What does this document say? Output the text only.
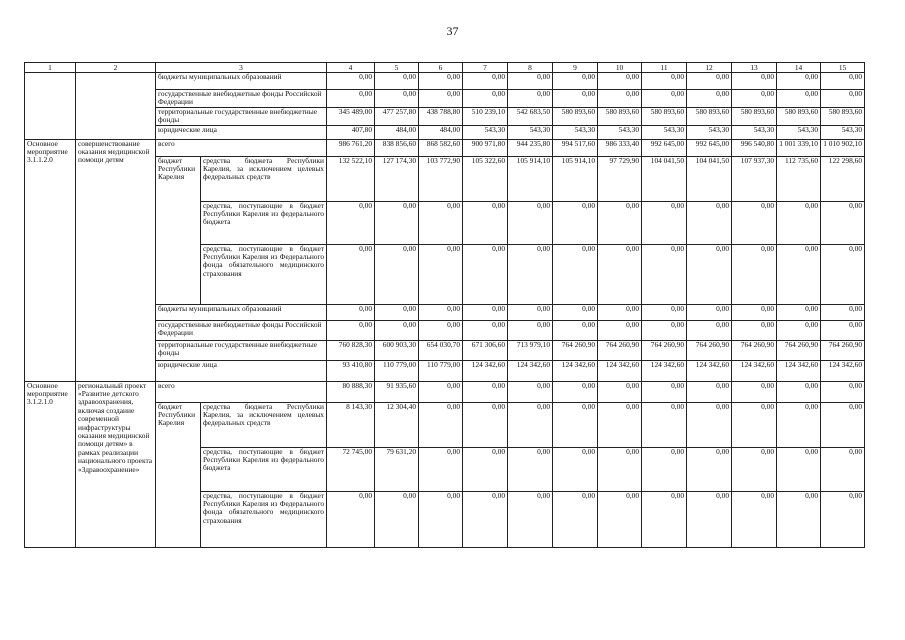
37
1	2	3		4	5	6	7	8	9	10	11	12	13	14	15
		бюджеты муниципальных образований		0,00	0,00	0,00	0,00	0,00	0,00	0,00	0,00	0,00	0,00	0,00	0,00
		государственные внебюджетные фонды Российской Федерации		0,00	0,00	0,00	0,00	0,00	0,00	0,00	0,00	0,00	0,00	0,00	0,00
		территориальные государственные внебюджетные фонды		345 489,00	477 257,80	438 788,80	510 239,10	542 683,50	580 893,60	580 893,60	580 893,60	580 893,60	580 893,60	580 893,60	580 893,60
		юридические лица		407,80	484,00	484,00	543,30	543,30	543,30	543,30	543,30	543,30	543,30	543,30	543,30
Основное мероприятие 3.1.1.2.0	совершенствование оказания медицинской помощи детям	всего		986 761,20	838 856,60	868 582,60	900 971,80	944 235,80	994 517,60	986 333,40	992 645,00	992 645,00	996 540,80	1 001 339,10	1 010 902,10
		бюджет Республики Карелия	средства бюджета Республики Карелия, за исключением целевых федеральных средств	132 522,10	127 174,30	103 772,90	105 322,60	105 914,10	105 914,10	97 729,90	104 041,50	104 041,50	107 937,30	112 735,60	122 298,60
			средства, поступающие в бюджет Республики Карелия из федерального бюджета	0,00	0,00	0,00	0,00	0,00	0,00	0,00	0,00	0,00	0,00	0,00	0,00
			средства, поступающие в бюджет Республики Карелия из Федерального фонда обязательного медицинского страхования	0,00	0,00	0,00	0,00	0,00	0,00	0,00	0,00	0,00	0,00	0,00	0,00
		бюджеты муниципальных образований		0,00	0,00	0,00	0,00	0,00	0,00	0,00	0,00	0,00	0,00	0,00	0,00
		государственные внебюджетные фонды Российской Федерации		0,00	0,00	0,00	0,00	0,00	0,00	0,00	0,00	0,00	0,00	0,00	0,00
		территориальные государственные внебюджетные фонды		760 828,30	600 903,30	654 030,70	671 306,60	713 979,10	764 260,90	764 260,90	764 260,90	764 260,90	764 260,90	764 260,90	764 260,90
		юридические лица		93 410,80	110 779,00	110 779,00	124 342,60	124 342,60	124 342,60	124 342,60	124 342,60	124 342,60	124 342,60	124 342,60	124 342,60
Основное мероприятие 3.1.2.1.0	региональный проект «Развитие детского здравоохранения, включая создание современной инфраструктуры оказания медицинской помощи детям» в рамках реализации национального проекта «Здравоохранение»	всего		80 888,30	91 935,60	0,00	0,00	0,00	0,00	0,00	0,00	0,00	0,00	0,00	0,00
		бюджет Республики Карелия	средства бюджета Республики Карелия, за исключением целевых федеральных средств	8 143,30	12 304,40	0,00	0,00	0,00	0,00	0,00	0,00	0,00	0,00	0,00	0,00
			средства, поступающие в бюджет Республики Карелия из федерального бюджета	72 745,00	79 631,20	0,00	0,00	0,00	0,00	0,00	0,00	0,00	0,00	0,00	0,00
			средства, поступающие в бюджет Республики Карелия из Федерального фонда обязательного медицинского страхования	0,00	0,00	0,00	0,00	0,00	0,00	0,00	0,00	0,00	0,00	0,00	0,00
